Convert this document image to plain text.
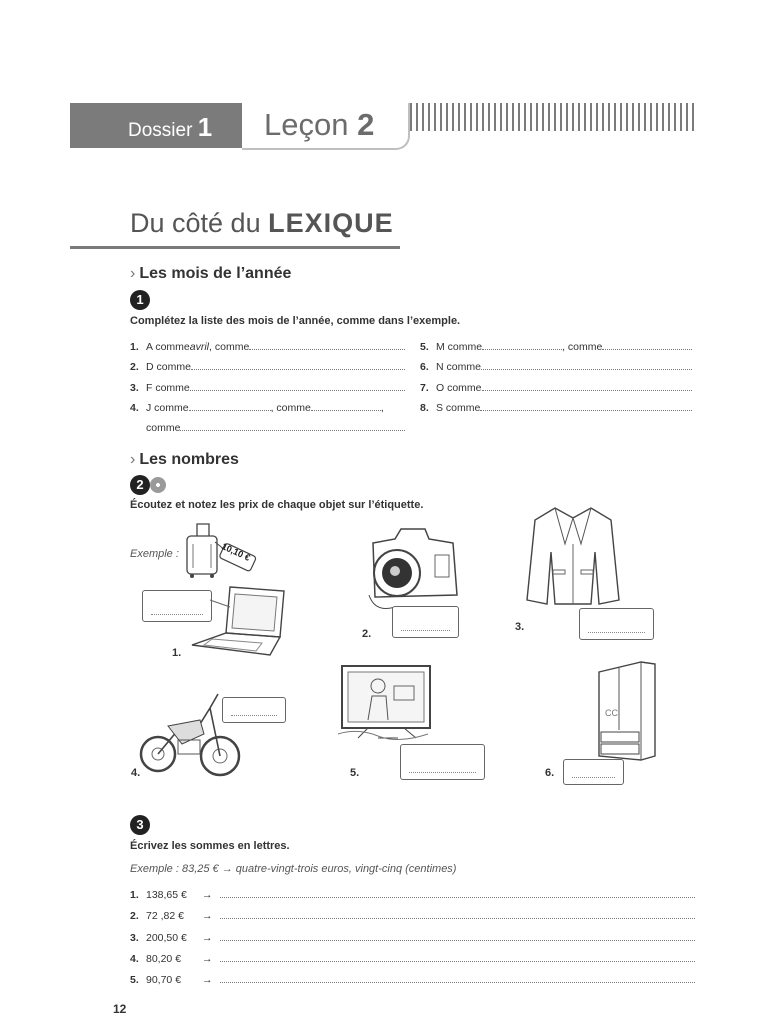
Dossier 1 Leçon 2
Du côté du LEXIQUE
› Les mois de l’année
1
Complétez la liste des mois de l’année, comme dans l’exemple.
1. A comme avril , comme
2. D comme
3. F comme
4. J comme	, comme	,
comme
5. M comme	, comme
6. N comme
7. O comme
8. S comme
› Les nombres
2
Écoutez et notez les prix de chaque objet sur l’étiquette.
Exemple :	10,10 €
1.
2.
3.
4.	5.
CC
6.
3
Écrivez les sommes en lettres.
Exemple : 83,25 € → quatre-vingt-trois euros, vingt-cinq (centimes)
1. 138,65 €	→
2. 72 ,82 €	→
3. 200,50 €	→
4. 80,20 €	→
5. 90,70 €	→
12
